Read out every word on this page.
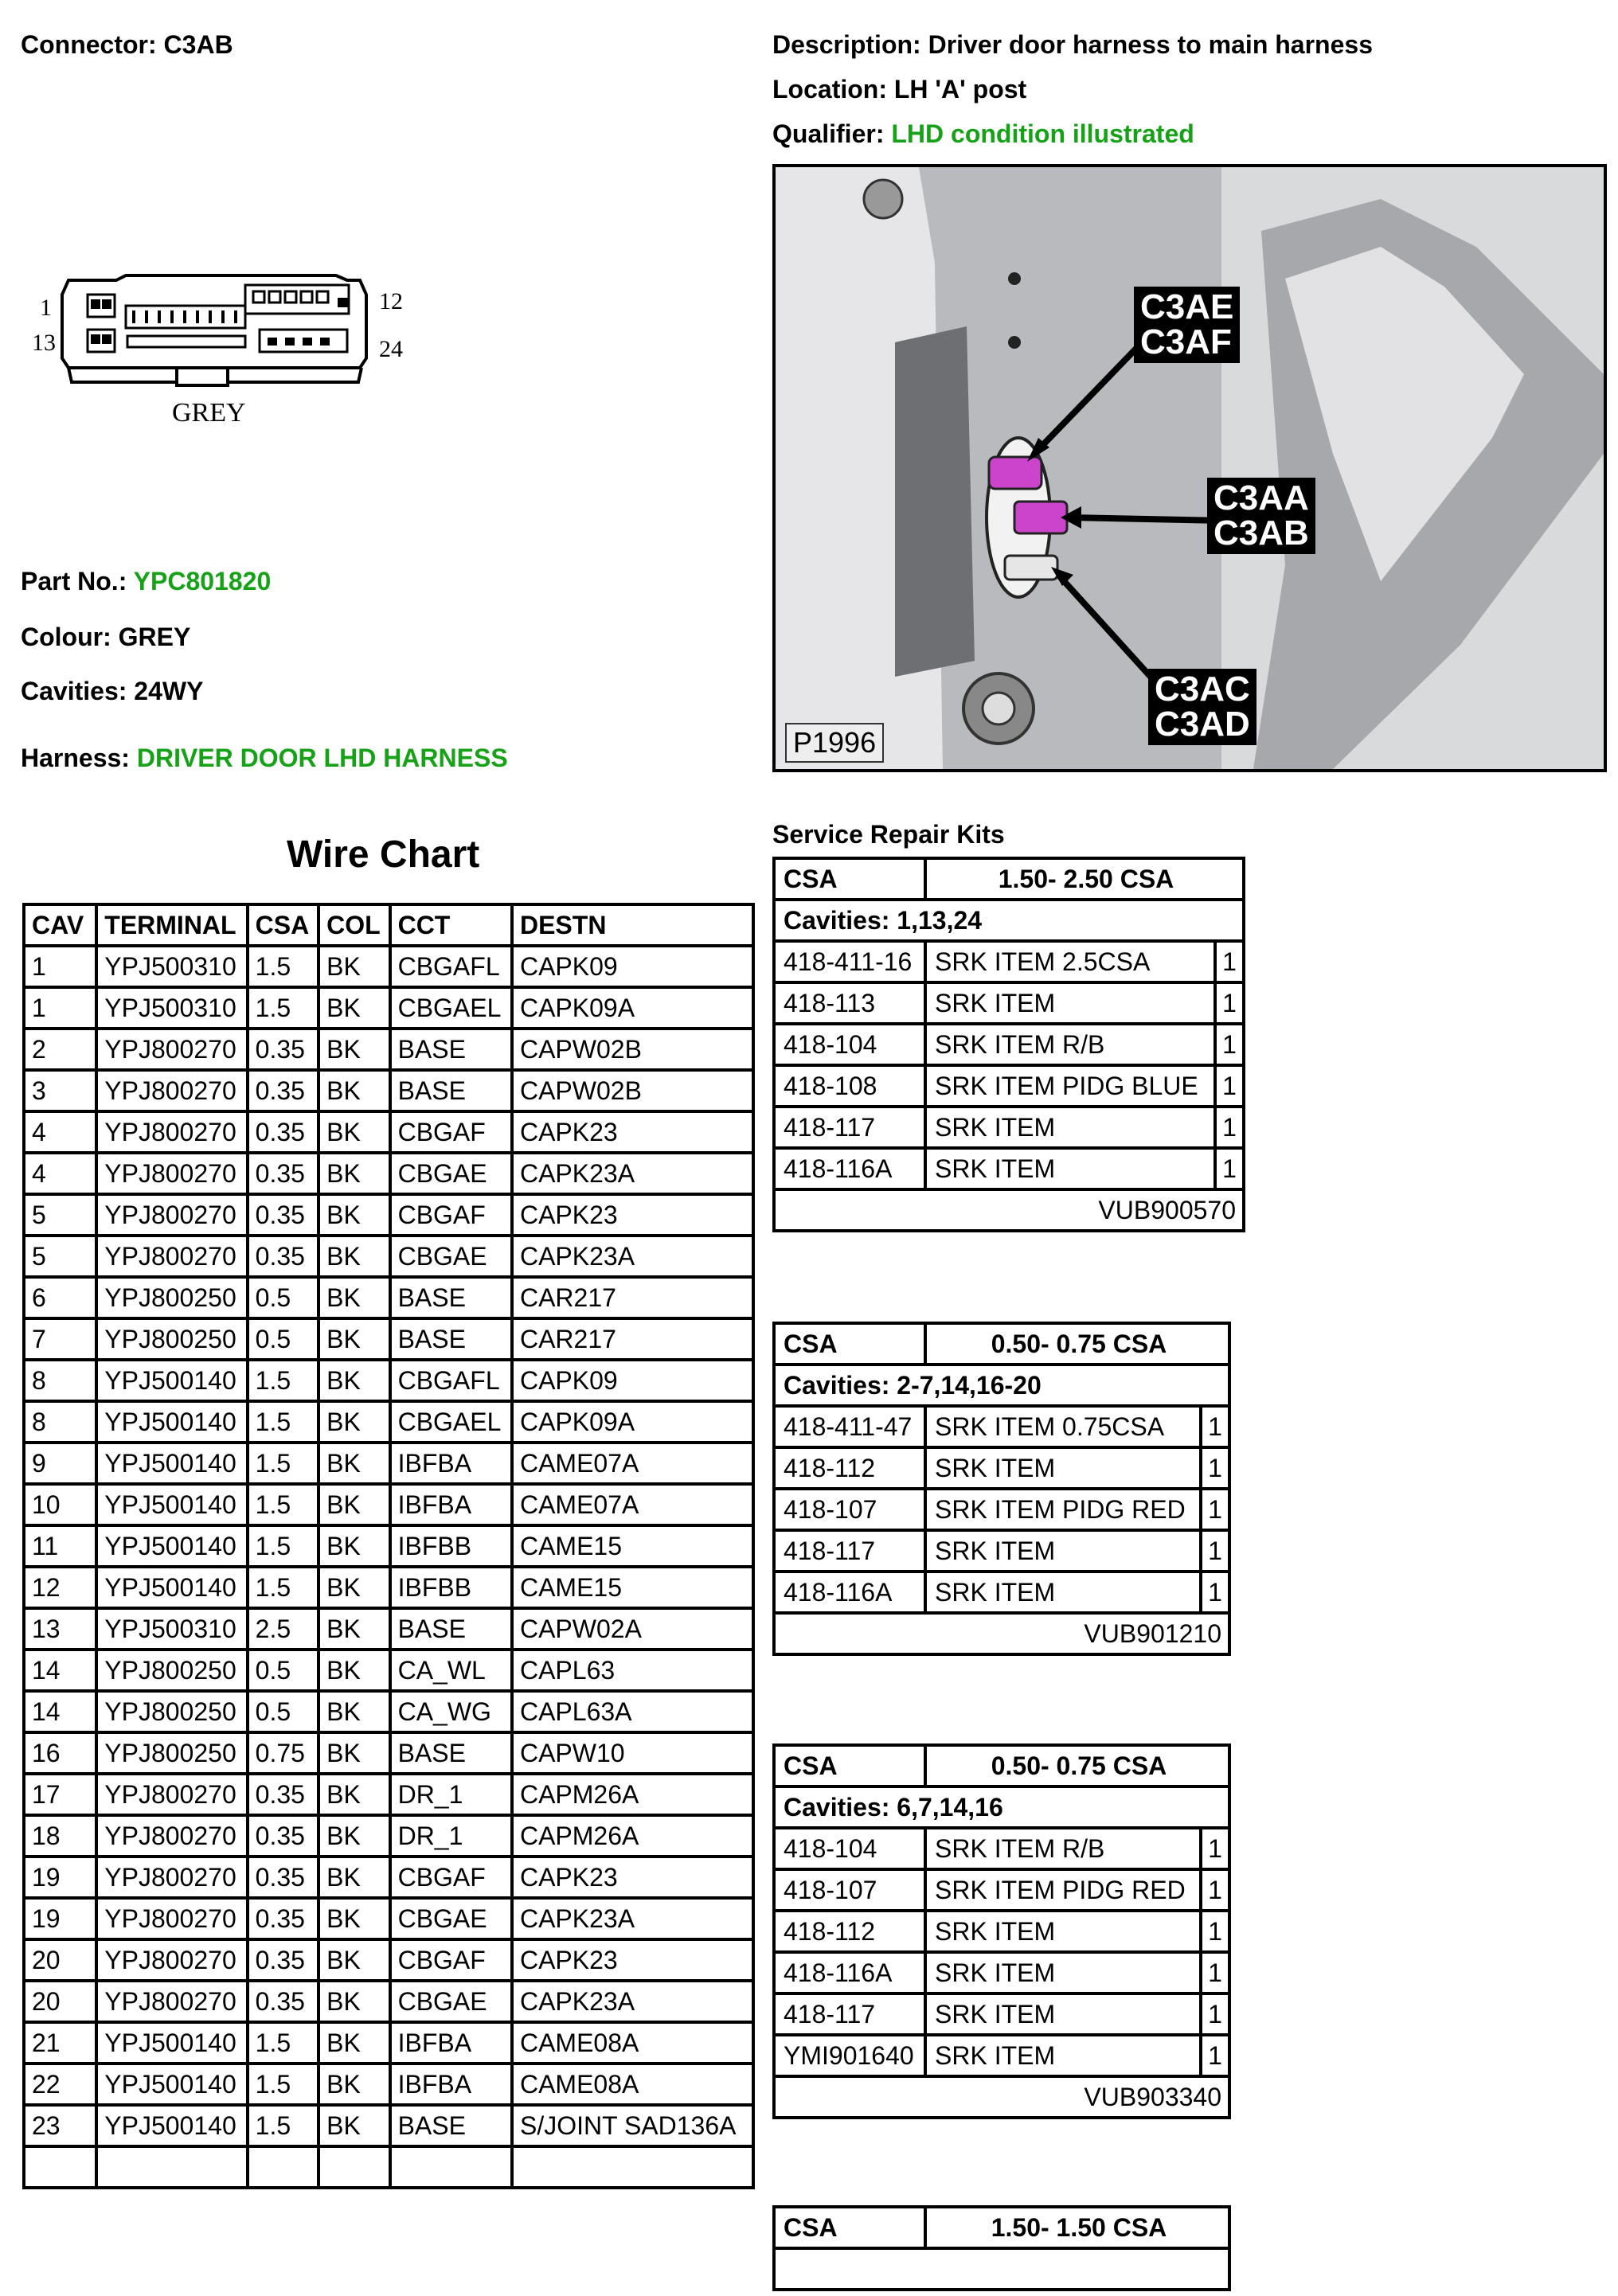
Connector: C3AB	Description: Driver door harness to main harness
Location: LH 'A' post
Qualifier: LHD condition illustrated
1
13
12
24
GREY
Part No.: YPC801820
Colour: GREY
Cavities: 24WY
Harness: DRIVER DOOR LHD HARNESS
C3AE
C3AF
C3AA
C3AB
C3AC
C3AD
P1996
Wire Chart
CAV	TERMINAL	CSA	COL	CCT	DESTN
1	YPJ500310	1.5	BK	CBGAFL	CAPK09
1	YPJ500310	1.5	BK	CBGAEL	CAPK09A
2	YPJ800270	0.35	BK	BASE	CAPW02B
3	YPJ800270	0.35	BK	BASE	CAPW02B
4	YPJ800270	0.35	BK	CBGAF	CAPK23
4	YPJ800270	0.35	BK	CBGAE	CAPK23A
5	YPJ800270	0.35	BK	CBGAF	CAPK23
5	YPJ800270	0.35	BK	CBGAE	CAPK23A
6	YPJ800250	0.5	BK	BASE	CAR217
7	YPJ800250	0.5	BK	BASE	CAR217
8	YPJ500140	1.5	BK	CBGAFL	CAPK09
8	YPJ500140	1.5	BK	CBGAEL	CAPK09A
9	YPJ500140	1.5	BK	IBFBA	CAME07A
10	YPJ500140	1.5	BK	IBFBA	CAME07A
11	YPJ500140	1.5	BK	IBFBB	CAME15
12	YPJ500140	1.5	BK	IBFBB	CAME15
13	YPJ500310	2.5	BK	BASE	CAPW02A
14	YPJ800250	0.5	BK	CA_WL	CAPL63
14	YPJ800250	0.5	BK	CA_WG	CAPL63A
16	YPJ800250	0.75	BK	BASE	CAPW10
17	YPJ800270	0.35	BK	DR_1	CAPM26A
18	YPJ800270	0.35	BK	DR_1	CAPM26A
19	YPJ800270	0.35	BK	CBGAF	CAPK23
19	YPJ800270	0.35	BK	CBGAE	CAPK23A
20	YPJ800270	0.35	BK	CBGAF	CAPK23
20	YPJ800270	0.35	BK	CBGAE	CAPK23A
21	YPJ500140	1.5	BK	IBFBA	CAME08A
22	YPJ500140	1.5	BK	IBFBA	CAME08A
23	YPJ500140	1.5	BK	BASE	S/JOINT SAD136A

Service Repair Kits
CSA	1.50- 2.50 CSA	
Cavities: 1,13,24		
418-411-16	SRK ITEM 2.5CSA	1
418-113	SRK ITEM	1
418-104	SRK ITEM R/B	1
418-108	SRK ITEM PIDG BLUE	1
418-117	SRK ITEM	1
418-116A	SRK ITEM	1
VUB900570		
CSA	0.50- 0.75 CSA	
Cavities: 2-7,14,16-20		
418-411-47	SRK ITEM 0.75CSA	1
418-112	SRK ITEM	1
418-107	SRK ITEM PIDG RED	1
418-117	SRK ITEM	1
418-116A	SRK ITEM	1
VUB901210		
CSA	0.50- 0.75 CSA	
Cavities: 6,7,14,16		
418-104	SRK ITEM R/B	1
418-107	SRK ITEM PIDG RED	1
418-112	SRK ITEM	1
418-116A	SRK ITEM	1
418-117	SRK ITEM	1
YMI901640	SRK ITEM	1
VUB903340		
CSA	1.50- 1.50 CSA
